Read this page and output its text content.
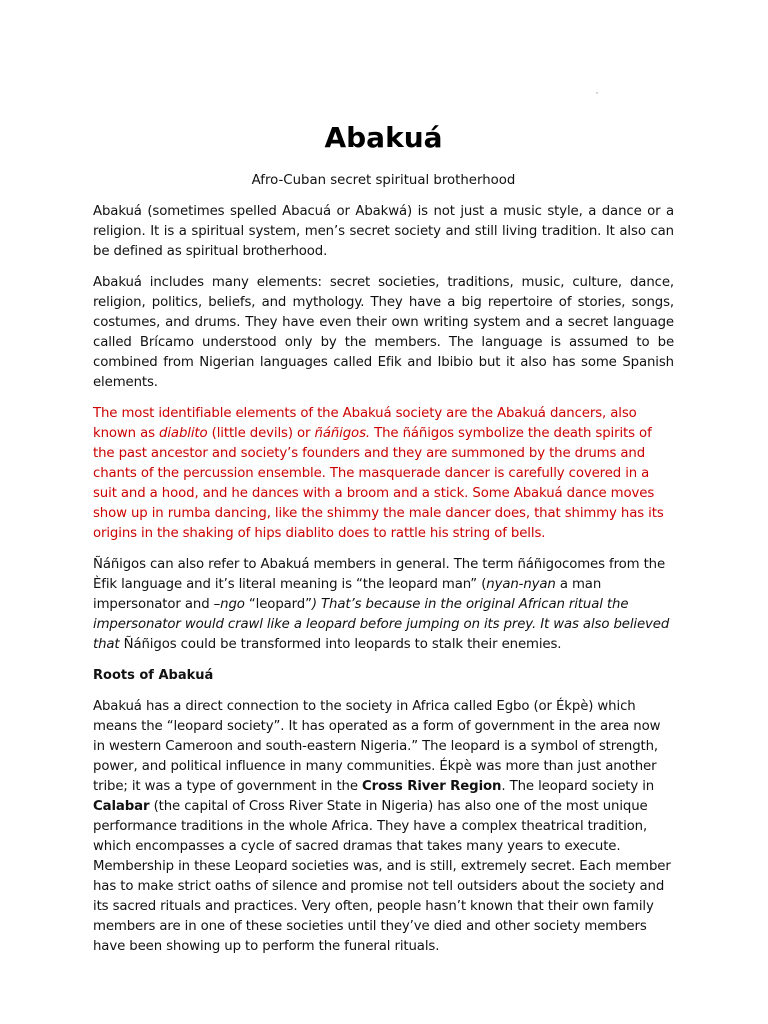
Abakuá
Afro-Cuban secret spiritual brotherhood

Abakuá (sometimes spelled Abacuá or Abakwá) is not just a music style, a dance or a religion. It is a spiritual system, men’s secret society and still living tradition. It also can be defined as spiritual brotherhood.

Abakuá includes many elements: secret societies, traditions, music, culture, dance, religion, politics, beliefs, and mythology. They have a big repertoire of stories, songs, costumes, and drums. They have even their own writing system and a secret language called Brícamo understood only by the members. The language is assumed to be combined from Nigerian languages called Efik and Ibibio but it also has some Spanish elements.

The most identifiable elements of the Abakuá society are the Abakuá dancers, also known as diablito (little devils) or ñáñigos. The ñáñigos symbolize the death spirits of the past ancestor and society’s founders and they are summoned by the drums and chants of the percussion ensemble. The masquerade dancer is carefully covered in a suit and a hood, and he dances with a broom and a stick. Some Abakuá dance moves show up in rumba dancing, like the shimmy the male dancer does, that shimmy has its origins in the shaking of hips diablito does to rattle his string of bells.

Ñáñigos can also refer to Abakuá members in general. The term ñáñigocomes from the Èfik language and it’s literal meaning is “the leopard man” (nyan-nyan a man impersonator and –ngo “leopard”) That’s because in the original African ritual the impersonator would crawl like a leopard before jumping on its prey. It was also believed that Ñáñigos could be transformed into leopards to stalk their enemies.

Roots of Abakuá

Abakuá has a direct connection to the society in Africa called Egbo (or Ékpè) which means the “leopard society”. It has operated as a form of government in the area now in western Cameroon and south-eastern Nigeria.” The leopard is a symbol of strength, power, and political influence in many communities. Ékpè was more than just another tribe; it was a type of government in the Cross River Region. The leopard society in Calabar (the capital of Cross River State in Nigeria) has also one of the most unique performance traditions in the whole Africa. They have a complex theatrical tradition, which encompasses a cycle of sacred dramas that takes many years to execute. Membership in these Leopard societies was, and is still, extremely secret. Each member has to make strict oaths of silence and promise not tell outsiders about the society and its sacred rituals and practices. Very often, people hasn’t known that their own family members are in one of these societies until they’ve died and other society members have been showing up to perform the funeral rituals.
